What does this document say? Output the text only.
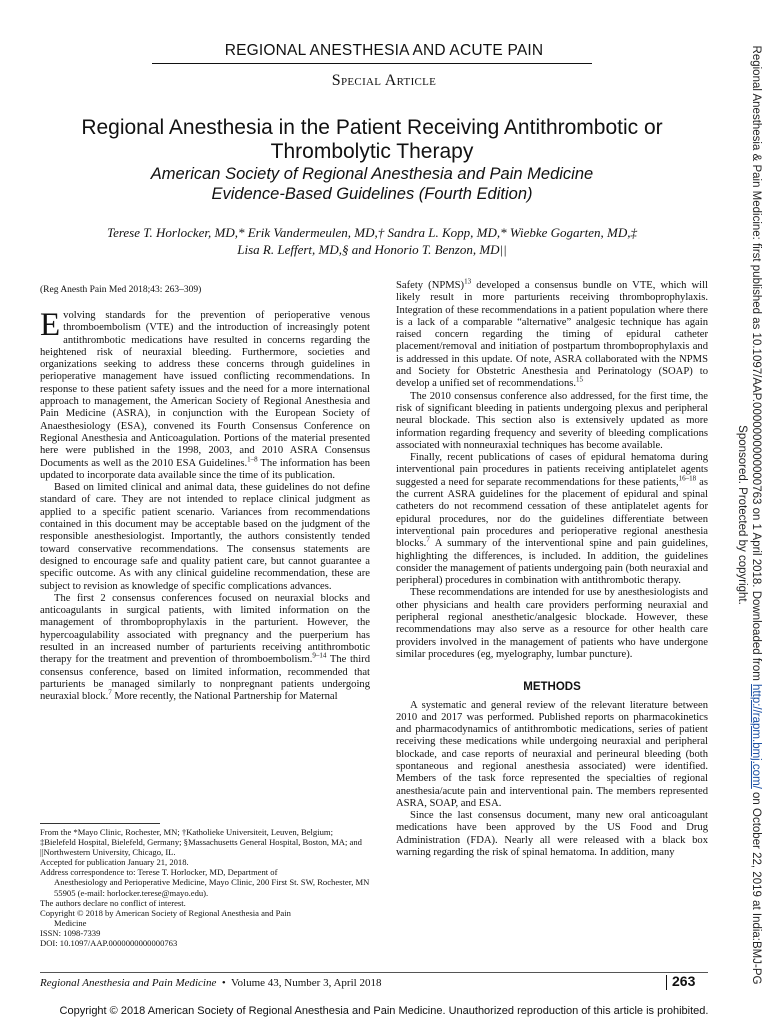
REGIONAL ANESTHESIA AND ACUTE PAIN
Special Article
Regional Anesthesia in the Patient Receiving Antithrombotic or Thrombolytic Therapy
American Society of Regional Anesthesia and Pain Medicine
Evidence-Based Guidelines (Fourth Edition)
Terese T. Horlocker, MD,* Erik Vandermeulen, MD,† Sandra L. Kopp, MD,* Wiebke Gogarten, MD,‡
Lisa R. Leffert, MD,§ and Honorio T. Benzon, MD||
(Reg Anesth Pain Med 2018;43: 263–309)

Evolving standards for the prevention of perioperative venous thromboembolism (VTE) and the introduction of increasingly potent antithrombotic medications have resulted in concerns regarding the heightened risk of neuraxial bleeding. Furthermore, societies and organizations seeking to address these concerns through guidelines in perioperative management have issued conflicting recommendations. In response to these patient safety issues and the need for a more international approach to management, the American Society of Regional Anesthesia and Pain Medicine (ASRA), in conjunction with the European Society of Anaesthesiology (ESA), convened its Fourth Consensus Conference on Regional Anesthesia and Anticoagulation. Portions of the material presented here were published in the 1998, 2003, and 2010 ASRA Consensus Documents as well as the 2010 ESA Guidelines.$^{1-8}$ The information has been updated to incorporate data available since the time of its publication.

Based on limited clinical and animal data, these guidelines do not define standard of care. They are not intended to replace clinical judgment as applied to a specific patient scenario. Variances from recommendations contained in this document may be acceptable based on the judgment of the responsible anesthesiologist. Importantly, the authors consistently tended toward conservative recommendations. The consensus statements are designed to encourage safe and quality patient care, but cannot guarantee a specific outcome. As with any clinical guideline recommendation, these are subject to revision as knowledge of specific complications advances.

The first 2 consensus conferences focused on neuraxial blocks and anticoagulants in surgical patients, with limited information on the management of thromboprophylaxis in the parturient. However, the hypercoagulability associated with pregnancy and the puerperium has resulted in an increased number of parturients receiving antithrombotic therapy for the treatment and prevention of thromboembolism.$^{9-14}$ The third consensus conference, based on limited information, recommended that parturients be managed similarly to nonpregnant patients undergoing neuraxial block.$^7$ More recently, the National Partnership for Maternal

From the *Mayo Clinic, Rochester, MN; †Katholieke Universiteit, Leuven, Belgium; ‡Bielefeld Hospital, Bielefeld, Germany; §Massachusetts General Hospital, Boston, MA; and ||Northwestern University, Chicago, IL.
Accepted for publication January 21, 2018.
Address correspondence to: Terese T. Horlocker, MD, Department of
Anesthesiology and Perioperative Medicine, Mayo Clinic, 200 First St. SW, Rochester, MN 55905 (e-mail: horlocker.terese@mayo.edu).
The authors declare no conflict of interest.
Copyright © 2018 by American Society of Regional Anesthesia and Pain
Medicine
ISSN: 1098-7339
DOI: 10.1097/AAP.0000000000000763

Safety (NPMS)$^{13}$ developed a consensus bundle on VTE, which will likely result in more parturients receiving thromboprophylaxis. Integration of these recommendations in a patient population where there is a lack of a comparable “alternative” analgesic technique has again raised concern regarding the timing of epidural catheter placement/removal and initiation of postpartum thromboprophylaxis and is addressed in this update. Of note, ASRA collaborated with the NPMS and Society for Obstetric Anesthesia and Perinatology (SOAP) to develop a unified set of recommendations.$^{15}$

The 2010 consensus conference also addressed, for the first time, the risk of significant bleeding in patients undergoing plexus and peripheral neural blockade. This section also is extensively updated as more information regarding frequency and severity of bleeding complications associated with nonneuraxial techniques has become available.

Finally, recent publications of cases of epidural hematoma during interventional pain procedures in patients receiving antiplatelet agents suggested a need for separate recommendations for these patients,$^{16-18}$ as the current ASRA guidelines for the placement of epidural and spinal catheters do not recommend cessation of these antiplatelet agents for epidural procedures, nor do the guidelines differentiate between interventional pain procedures and perioperative regional anesthesia blocks.$^7$ A summary of the interventional spine and pain guidelines, highlighting the differences, is included. In addition, the guidelines consider the management of patients undergoing pain (both neuraxial and peripheral) procedures in combination with antithrombotic therapy.

These recommendations are intended for use by anesthesiologists and other physicians and health care providers performing neuraxial and peripheral regional anesthetic/analgesic blockade. However, these recommendations may also serve as a resource for other health care providers involved in the management of patients who have undergone similar procedures (eg, myelography, lumbar puncture).

METHODS

A systematic and general review of the relevant literature between 2010 and 2017 was performed. Published reports on pharmacokinetics and pharmacodynamics of antithrombotic medications, series of patient receiving these medications while undergoing neuraxial and peripheral blockade, and case reports of neuraxial and perineural bleeding (both spontaneous and regional anesthesia associated) were identified. Members of the task force represented the specialties of regional anesthesia/acute pain and interventional pain. The members represented ASRA, SOAP, and ESA.

Since the last consensus document, many new oral anticoagulant medications have been approved by the US Food and Drug Administration (FDA). Nearly all were released with a black box warning regarding the risk of spinal hematoma. In addition, many

Regional Anesthesia and Pain Medicine  •  Volume 43, Number 3, April 2018	263
Copyright © 2018 American Society of Regional Anesthesia and Pain Medicine. Unauthorized reproduction of this article is prohibited.
Regional Anesthesia & Pain Medicine: first published as 10.1097/AAP.0000000000000763 on 1 April 2018. Downloaded from http://rapm.bmj.com/ on October 22, 2019 at India:BMJ-PG
Sponsored. Protected by copyright.
